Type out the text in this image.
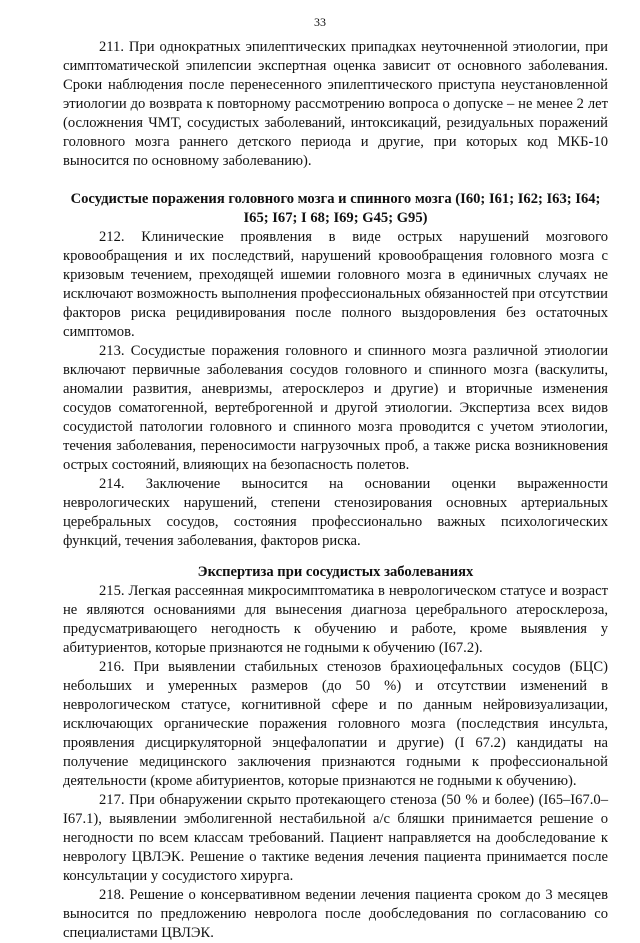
33

211. При однократных эпилептических припадках неуточненной этиологии, при симптоматической эпилепсии экспертная оценка зависит от основного заболевания. Сроки наблюдения после перенесенного эпилептического приступа неустановленной этиологии до возврата к повторному рассмотрению вопроса о допуске – не менее 2 лет (осложнения ЧМТ, сосудистых заболеваний, интоксикаций, резидуальных поражений головного мозга раннего детского периода и другие, при которых код МКБ-10 выносится по основному заболеванию).

Сосудистые поражения головного мозга и спинного мозга (I60; I61; I62; I63; I64; I65; I67; I 68; I69; G45; G95)

212. Клинические проявления в виде острых нарушений мозгового кровообращения и их последствий, нарушений кровообращения головного мозга с кризовым течением, преходящей ишемии головного мозга в единичных случаях не исключают возможность выполнения профессиональных обязанностей при отсутствии факторов риска рецидивирования после полного выздоровления без остаточных симптомов.

213. Сосудистые поражения головного и спинного мозга различной этиологии включают первичные заболевания сосудов головного и спинного мозга (васкулиты, аномалии развития, аневризмы, атеросклероз и другие) и вторичные изменения сосудов соматогенной, вертеброгенной и другой этиологии. Экспертиза всех видов сосудистой патологии головного и спинного мозга проводится с учетом этиологии, течения заболевания, переносимости нагрузочных проб, а также риска возникновения острых состояний, влияющих на безопасность полетов.

214. Заключение выносится на основании оценки выраженности неврологических нарушений, степени стенозирования основных артериальных церебральных сосудов, состояния профессионально важных психологических функций, течения заболевания, факторов риска.

Экспертиза при сосудистых заболеваниях

215. Легкая рассеянная микросимптоматика в неврологическом статусе и возраст не являются основаниями для вынесения диагноза церебрального атеросклероза, предусматривающего негодность к обучению и работе, кроме выявления у абитуриентов, которые признаются не годными к обучению (I67.2).

216. При выявлении стабильных стенозов брахиоцефальных сосудов (БЦС) небольших и умеренных размеров (до 50 %) и отсутствии изменений в неврологическом статусе, когнитивной сфере и по данным нейровизуализации, исключающих органические поражения головного мозга (последствия инсульта, проявления дисциркуляторной энцефалопатии и другие) (I 67.2) кандидаты на получение медицинского заключения признаются годными к профессиональной деятельности (кроме абитуриентов, которые признаются не годными к обучению).

217. При обнаружении скрыто протекающего стеноза (50 % и более) (I65–I67.0–I67.1), выявлении эмболигенной нестабильной а/с бляшки принимается решение о негодности по всем классам требований. Пациент направляется на дообследование к неврологу ЦВЛЭК. Решение о тактике ведения лечения пациента принимается после консультации у сосудистого хирурга.

218. Решение о консервативном ведении лечения пациента сроком до 3 месяцев выносится по предложению невролога после дообследования по согласованию со специалистами ЦВЛЭК.
